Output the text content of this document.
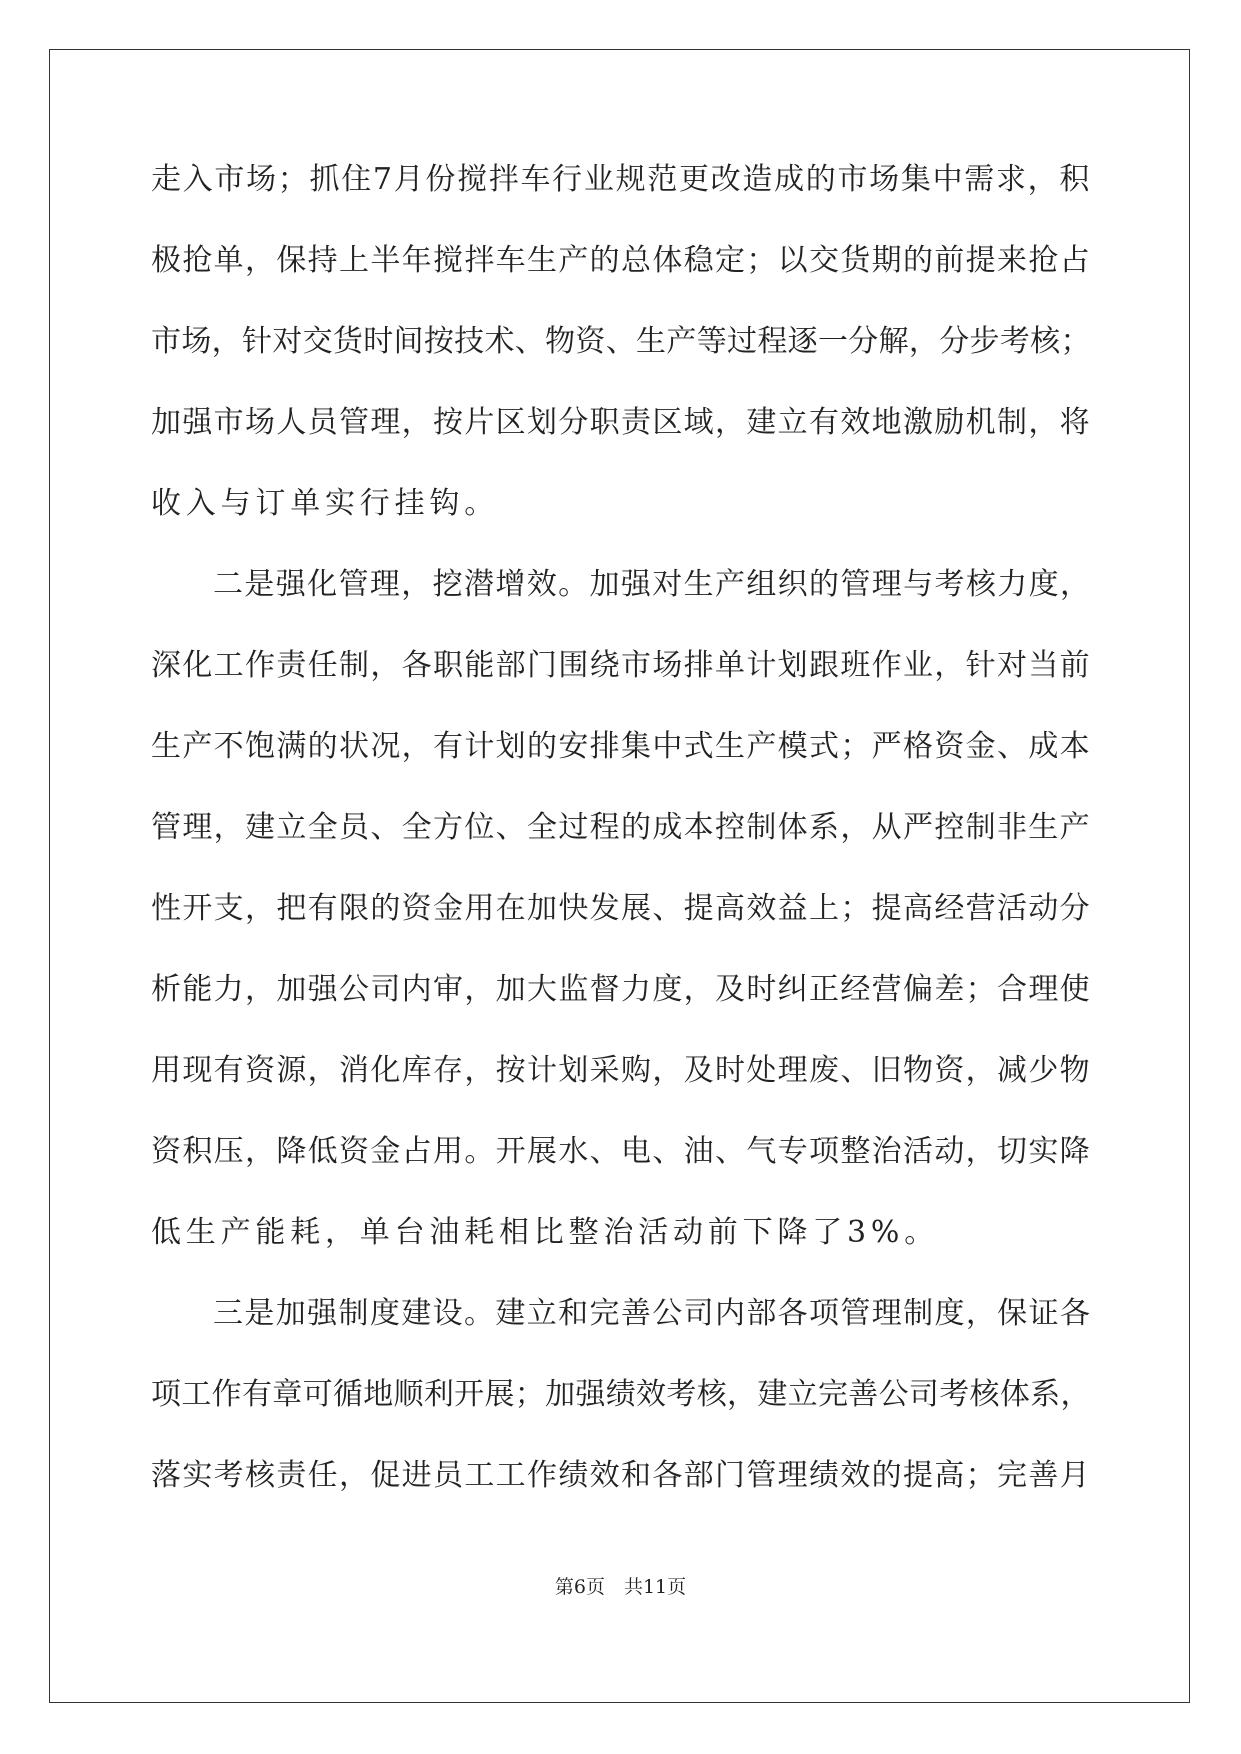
走入市场；抓住7月份搅拌车行业规范更改造成的市场集中需求，积
极抢单，保持上半年搅拌车生产的总体稳定；以交货期的前提来抢占
市场，针对交货时间按技术、物资、生产等过程逐一分解，分步考核；
加强市场人员管理，按片区划分职责区域，建立有效地激励机制，将
收入与订单实行挂钩。
二是强化管理，挖潜增效。加强对生产组织的管理与考核力度，
深化工作责任制，各职能部门围绕市场排单计划跟班作业，针对当前
生产不饱满的状况，有计划的安排集中式生产模式；严格资金、成本
管理，建立全员、全方位、全过程的成本控制体系，从严控制非生产
性开支，把有限的资金用在加快发展、提高效益上；提高经营活动分
析能力，加强公司内审，加大监督力度，及时纠正经营偏差；合理使
用现有资源，消化库存，按计划采购，及时处理废、旧物资，减少物
资积压，降低资金占用。开展水、电、油、气专项整治活动，切实降
低生产能耗，单台油耗相比整治活动前下降了3%。
三是加强制度建设。建立和完善公司内部各项管理制度，保证各
项工作有章可循地顺利开展；加强绩效考核，建立完善公司考核体系，
落实考核责任，促进员工工作绩效和各部门管理绩效的提高；完善月
第6页　共11页
